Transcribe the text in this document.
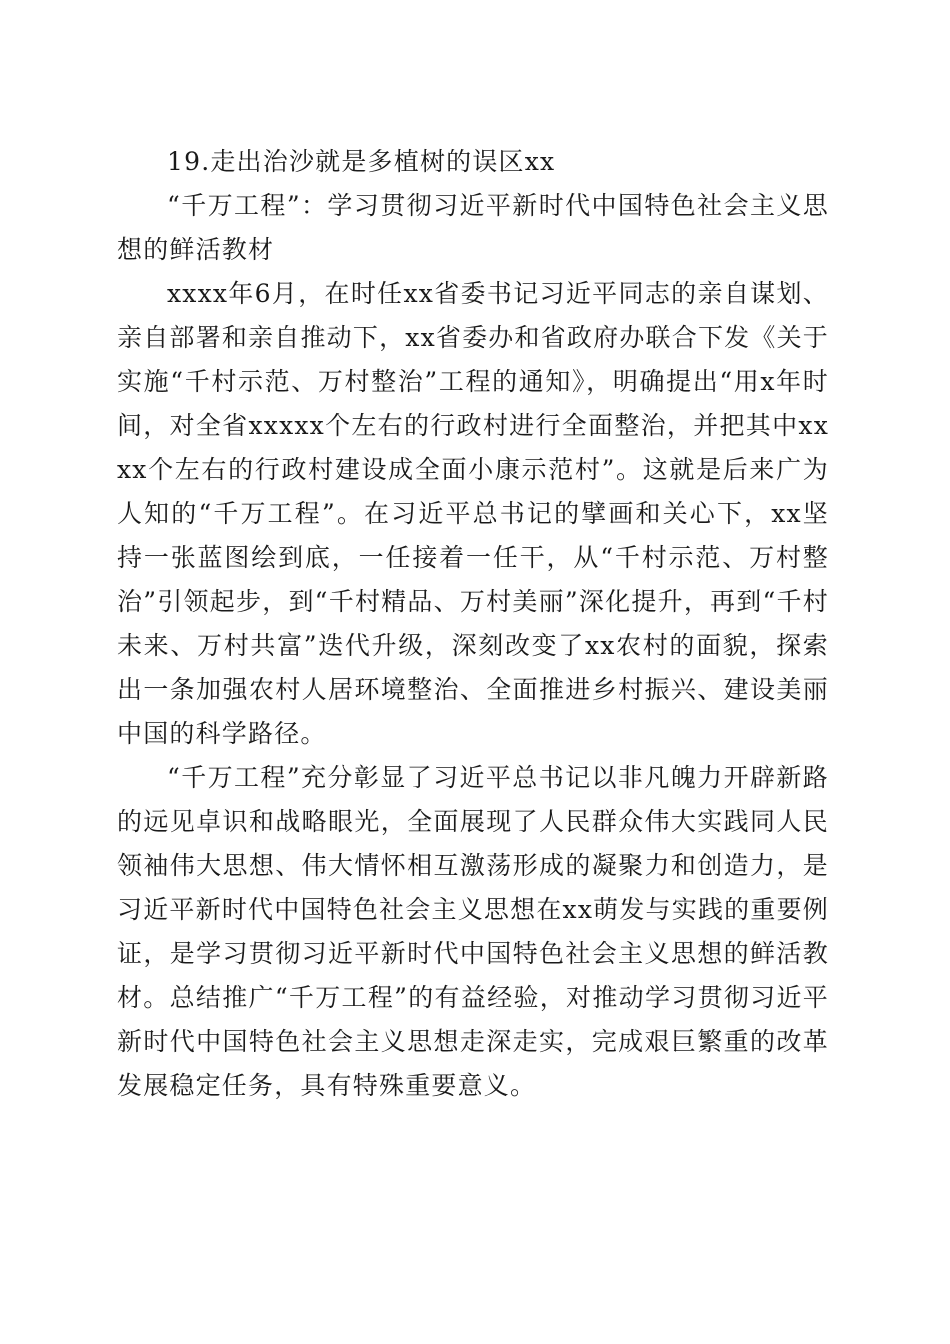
19.走出治沙就是多植树的误区xx

“千万工程”：学习贯彻习近平新时代中国特色社会主义思想的鲜活教材

xxxx年6月，在时任xx省委书记习近平同志的亲自谋划、亲自部署和亲自推动下，xx省委办和省政府办联合下发《关于实施“千村示范、万村整治”工程的通知》，明确提出“用x年时间，对全省xxxxx个左右的行政村进行全面整治，并把其中xxxx个左右的行政村建设成全面小康示范村”。这就是后来广为人知的“千万工程”。在习近平总书记的擘画和关心下，xx坚持一张蓝图绘到底，一任接着一任干，从“千村示范、万村整治”引领起步，到“千村精品、万村美丽”深化提升，再到“千村未来、万村共富”迭代升级，深刻改变了xx农村的面貌，探索出一条加强农村人居环境整治、全面推进乡村振兴、建设美丽中国的科学路径。

“千万工程”充分彰显了习近平总书记以非凡魄力开辟新路的远见卓识和战略眼光，全面展现了人民群众伟大实践同人民领袖伟大思想、伟大情怀相互激荡形成的凝聚力和创造力，是习近平新时代中国特色社会主义思想在xx萌发与实践的重要例证，是学习贯彻习近平新时代中国特色社会主义思想的鲜活教材。总结推广“千万工程”的有益经验，对推动学习贯彻习近平新时代中国特色社会主义思想走深走实，完成艰巨繁重的改革发展稳定任务，具有特殊重要意义。
